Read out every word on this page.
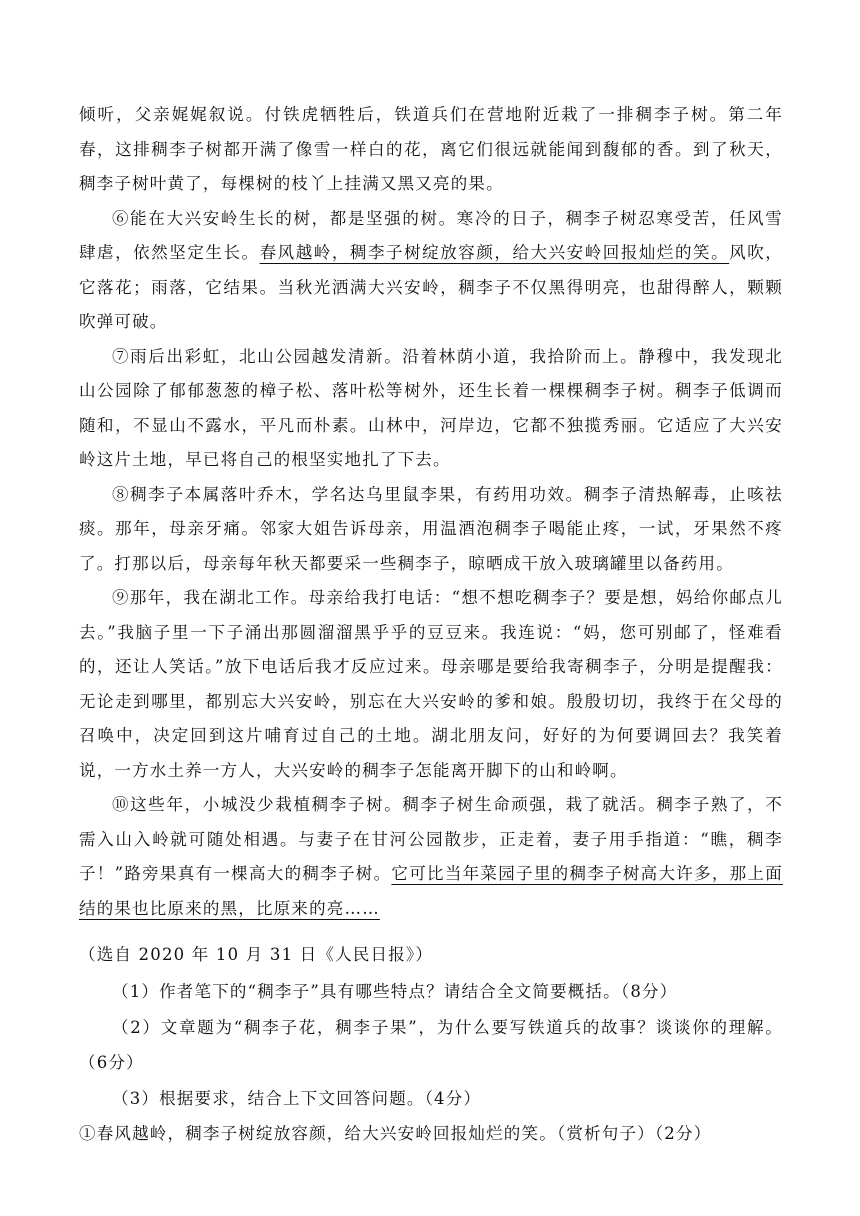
倾听，父亲娓娓叙说。付铁虎牺牲后，铁道兵们在营地附近栽了一排稠李子树。第二年春，这排稠李子树都开满了像雪一样白的花，离它们很远就能闻到馥郁的香。到了秋天，稠李子树叶黄了，每棵树的枝丫上挂满又黑又亮的果。

⑥能在大兴安岭生长的树，都是坚强的树。寒冷的日子，稠李子树忍寒受苦，任风雪肆虐，依然坚定生长。春风越岭，稠李子树绽放容颜，给大兴安岭回报灿烂的笑。风吹，它落花；雨落，它结果。当秋光洒满大兴安岭，稠李子不仅黑得明亮，也甜得醉人，颗颗吹弹可破。

⑦雨后出彩虹，北山公园越发清新。沿着林荫小道，我拾阶而上。静穆中，我发现北山公园除了郁郁葱葱的樟子松、落叶松等树外，还生长着一棵棵稠李子树。稠李子低调而随和，不显山不露水，平凡而朴素。山林中，河岸边，它都不独揽秀丽。它适应了大兴安岭这片土地，早已将自己的根坚实地扎了下去。

⑧稠李子本属落叶乔木，学名达乌里鼠李果，有药用功效。稠李子清热解毒，止咳祛痰。那年，母亲牙痛。邻家大姐告诉母亲，用温酒泡稠李子喝能止疼，一试，牙果然不疼了。打那以后，母亲每年秋天都要采一些稠李子，晾晒成干放入玻璃罐里以备药用。

⑨那年，我在湖北工作。母亲给我打电话：“想不想吃稠李子？要是想，妈给你邮点儿去。”我脑子里一下子涌出那圆溜溜黑乎乎的豆豆来。我连说：“妈，您可别邮了，怪难看的，还让人笑话。”放下电话后我才反应过来。母亲哪是要给我寄稠李子，分明是提醒我：无论走到哪里，都别忘大兴安岭，别忘在大兴安岭的爹和娘。殷殷切切，我终于在父母的召唤中，决定回到这片哺育过自己的土地。湖北朋友问，好好的为何要调回去？我笑着说，一方水土养一方人，大兴安岭的稠李子怎能离开脚下的山和岭啊。

⑩这些年，小城没少栽植稠李子树。稠李子树生命顽强，栽了就活。稠李子熟了，不需入山入岭就可随处相遇。与妻子在甘河公园散步，正走着，妻子用手指道：“瞧，稠李子！”路旁果真有一棵高大的稠李子树。它可比当年菜园子里的稠李子树高大许多，那上面结的果也比原来的黑，比原来的亮……

（选自 2020 年 10 月 31 日《人民日报》）

（1）作者笔下的“稠李子”具有哪些特点？请结合全文简要概括。（8分）

（2）文章题为“稠李子花，稠李子果”，为什么要写铁道兵的故事？谈谈你的理解。（6分）

（3）根据要求，结合上下文回答问题。（4分）

①春风越岭，稠李子树绽放容颜，给大兴安岭回报灿烂的笑。（赏析句子）（2分）
